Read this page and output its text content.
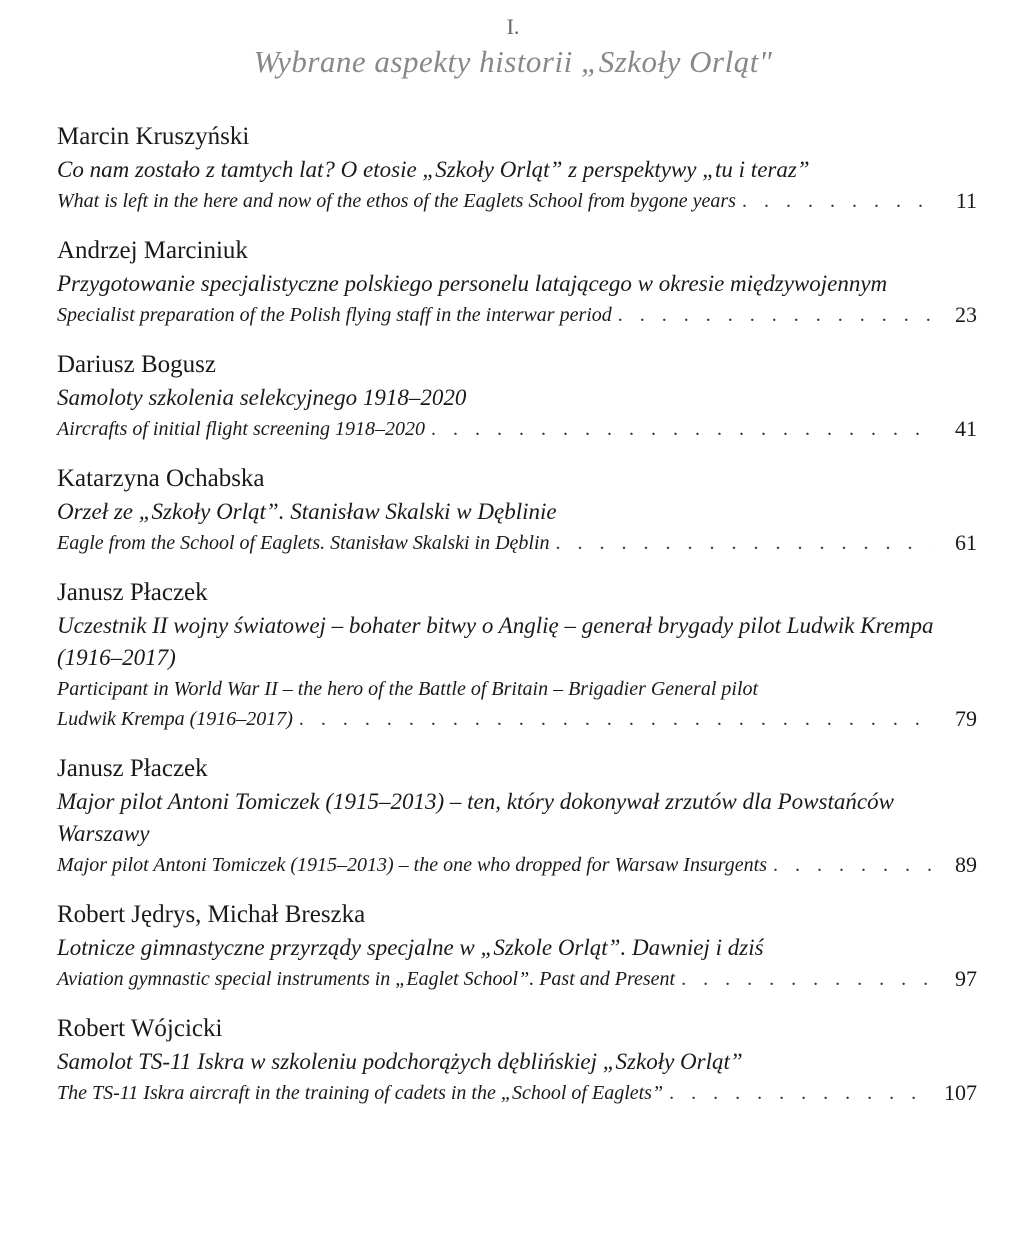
I.
Wybrane aspekty historii „Szkoły Orląt"
Marcin Kruszyński
Co nam zostało z tamtych lat? O etosie „Szkoły Orląt” z perspektywy „tu i teraz”
What is left in the here and now of the ethos of the Eaglets School from bygone years . . .	11
Andrzej Marciniuk
Przygotowanie specjalistyczne polskiego personelu latającego w okresie międzywojennym
Specialist preparation of the Polish flying staff in the interwar period . . .	23
Dariusz Bogusz
Samoloty szkolenia selekcyjnego 1918–2020
Aircrafts of initial flight screening 1918–2020 . . .	41
Katarzyna Ochabska
Orzeł ze „Szkoły Orląt”. Stanisław Skalski w Dęblinie
Eagle from the School of Eaglets. Stanisław Skalski in Dęblin . . .	61
Janusz Płaczek
Uczestnik II wojny światowej – bohater bitwy o Anglię – generał brygady pilot Ludwik Krempa (1916–2017)
Participant in World War II – the hero of the Battle of Britain – Brigadier General pilot
Ludwik Krempa (1916–2017) . . .	79
Janusz Płaczek
Major pilot Antoni Tomiczek (1915–2013) – ten, który dokonywał zrzutów dla Powstańców Warszawy
Major pilot Antoni Tomiczek (1915–2013) – the one who dropped for Warsaw Insurgents . . .	89
Robert Jędrys, Michał Breszka
Lotnicze gimnastyczne przyrządy specjalne w „Szkole Orląt”. Dawniej i dziś
Aviation gymnastic special instruments in „Eaglet School”. Past and Present . . .	97
Robert Wójcicki
Samolot TS-11 Iskra w szkoleniu podchorążych dęblińskiej „Szkoły Orląt”
The TS-11 Iskra aircraft in the training of cadets in the „School of Eaglets” . . .	107
